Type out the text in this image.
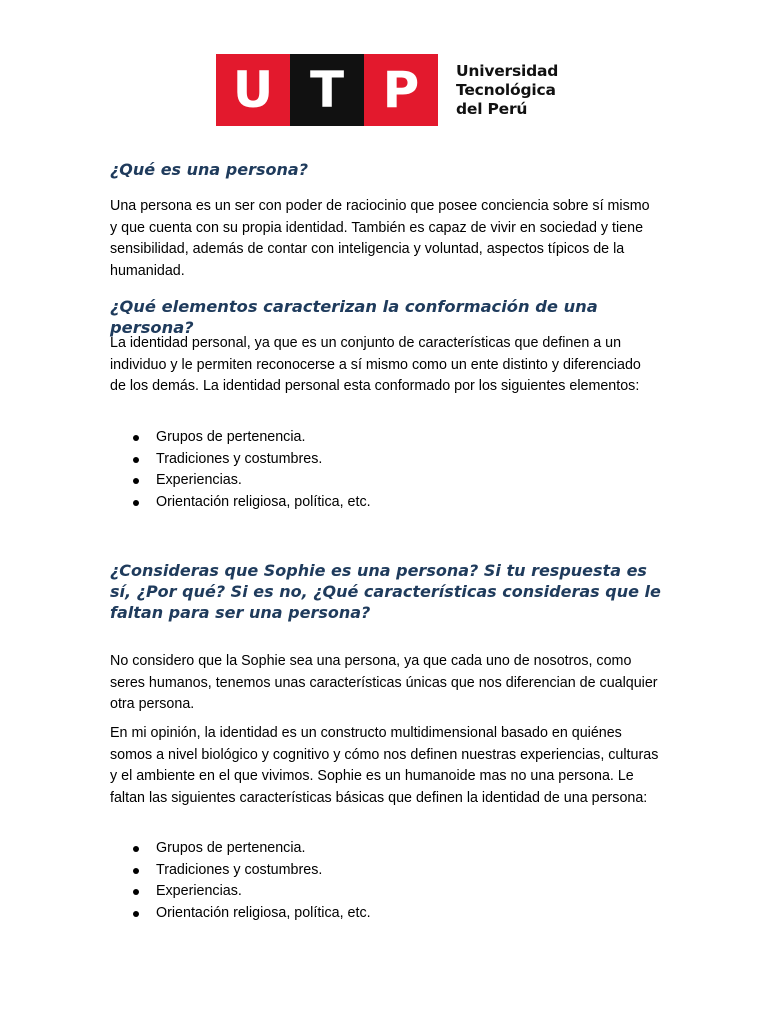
U T P	Universidad
Tecnológica
del Perú
¿Qué es una persona?

Una persona es un ser con poder de raciocinio que posee conciencia sobre sí mismo y que cuenta con su propia identidad. También es capaz de vivir en sociedad y tiene sensibilidad, además de contar con inteligencia y voluntad, aspectos típicos de la humanidad.

¿Qué elementos caracterizan la conformación de una persona?

La identidad personal, ya que es un conjunto de características que definen a un individuo y le permiten reconocerse a sí mismo como un ente distinto y diferenciado de los demás. La identidad personal esta conformado por los siguientes elementos:

Grupos de pertenencia.
Tradiciones y costumbres.
Experiencias.
Orientación religiosa, política, etc.
¿Consideras que Sophie es una persona? Si tu respuesta es sí, ¿Por qué? Si es no, ¿Qué características consideras que le faltan para ser una persona?

No considero que la Sophie sea una persona, ya que cada uno de nosotros, como seres humanos, tenemos unas características únicas que nos diferencian de cualquier otra persona.

En mi opinión, la identidad es un constructo multidimensional basado en quiénes somos a nivel biológico y cognitivo y cómo nos definen nuestras experiencias, culturas y el ambiente en el que vivimos. Sophie es un humanoide mas no una persona. Le faltan las siguientes características básicas que definen la identidad de una persona:

Grupos de pertenencia.
Tradiciones y costumbres.
Experiencias.
Orientación religiosa, política, etc.
